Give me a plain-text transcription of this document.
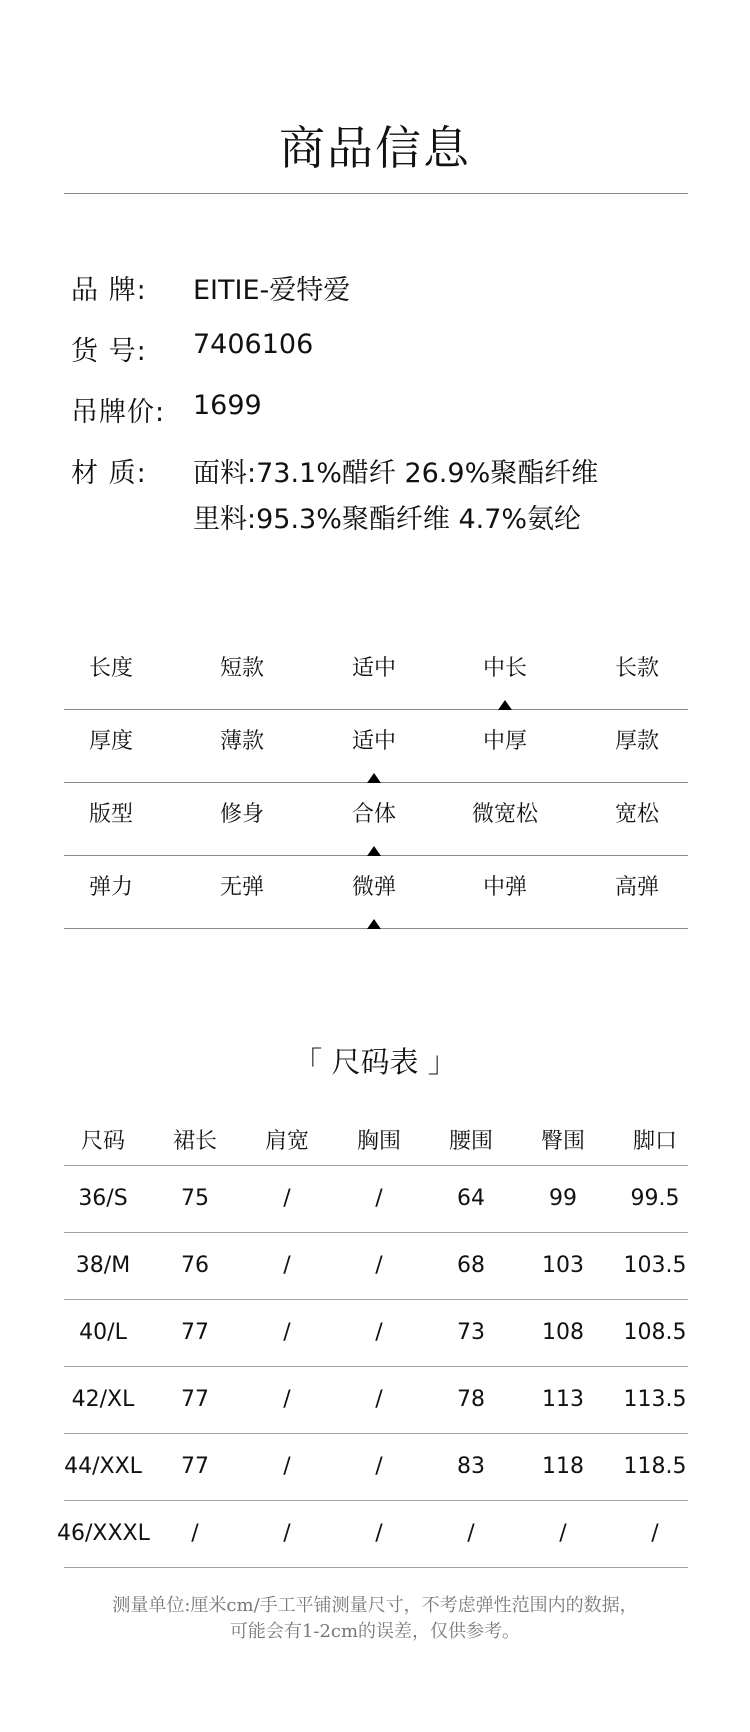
商品信息
品 牌:	EITIE-爱特爱
货 号:	7406106
吊牌价:	1699
材 质:	面料:73.1%醋纤 26.9%聚酯纤维
里料:95.3%聚酯纤维 4.7%氨纶
长度	短款	适中	中长	长款
厚度	薄款	适中	中厚	厚款
版型	修身	合体	微宽松	宽松
弹力	无弹	微弹	中弹	高弹
「 尺码表 」
尺码	裙长	肩宽	胸围	腰围	臀围	脚口
36/S	75	/	/	64	99	99.5
38/M	76	/	/	68	103	103.5
40/L	77	/	/	73	108	108.5
42/XL	77	/	/	78	113	113.5
44/XXL	77	/	/	83	118	118.5
46/XXXL	/	/	/	/	/	/
测量单位:厘米cm/手工平铺测量尺寸，不考虑弹性范围内的数据，
可能会有1-2cm的误差，仅供参考。
